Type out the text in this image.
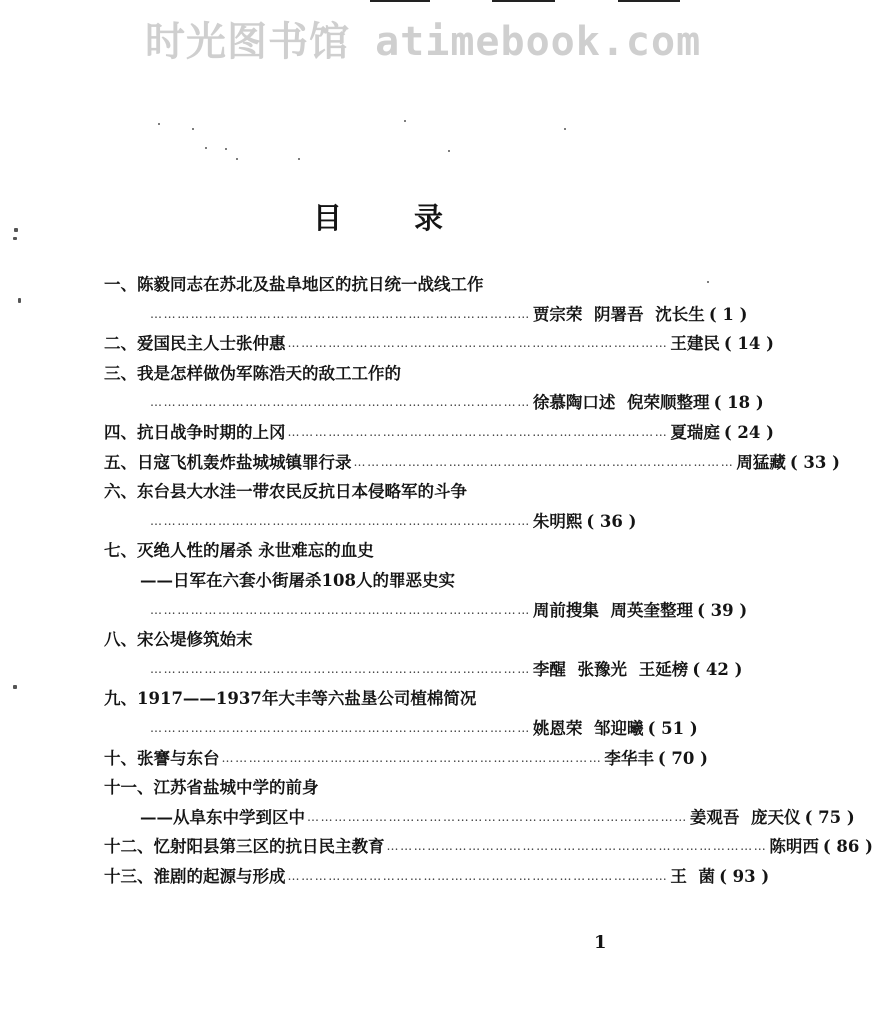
时光图书馆 atimebook.com
目 录
一、陈毅同志在苏北及盐阜地区的抗日统一战线工作
………………………………………………………………………… 贾宗荣 阴署吾 沈长生 ( 1 )
二、爱国民主人士张仲惠 ………………………………………………………………………… 王建民 ( 14 )
三、我是怎样做伪军陈浩天的敌工工作的
………………………………………………………………………… 徐慕陶口述 倪荣顺整理 ( 18 )
四、抗日战争时期的上冈 ………………………………………………………………………… 夏瑞庭 ( 24 )
五、日寇飞机轰炸盐城城镇罪行录 ………………………………………………………………………… 周猛藏 ( 33 )
六、东台县大水洼一带农民反抗日本侵略军的斗争
………………………………………………………………………… 朱明熙 ( 36 )
七、灭绝人性的屠杀 永世难忘的血史
——日军在六套小街屠杀108人的罪恶史实
………………………………………………………………………… 周前搜集 周英奎整理 ( 39 )
八、宋公堤修筑始末
………………………………………………………………………… 李醒 张豫光 王延榜 ( 42 )
九、1917——1937年大丰等六盐垦公司植棉简况
………………………………………………………………………… 姚恩荣 邹迎曦 ( 51 )
十、张謇与东台 ………………………………………………………………………… 李华丰 ( 70 )
十一、江苏省盐城中学的前身
——从阜东中学到区中 ………………………………………………………………………… 姜观吾 庞天仪 ( 75 )
十二、忆射阳县第三区的抗日民主教育 ………………………………………………………………………… 陈明西 ( 86 )
十三、淮剧的起源与形成 ………………………………………………………………………… 王 菌 ( 93 )
1
